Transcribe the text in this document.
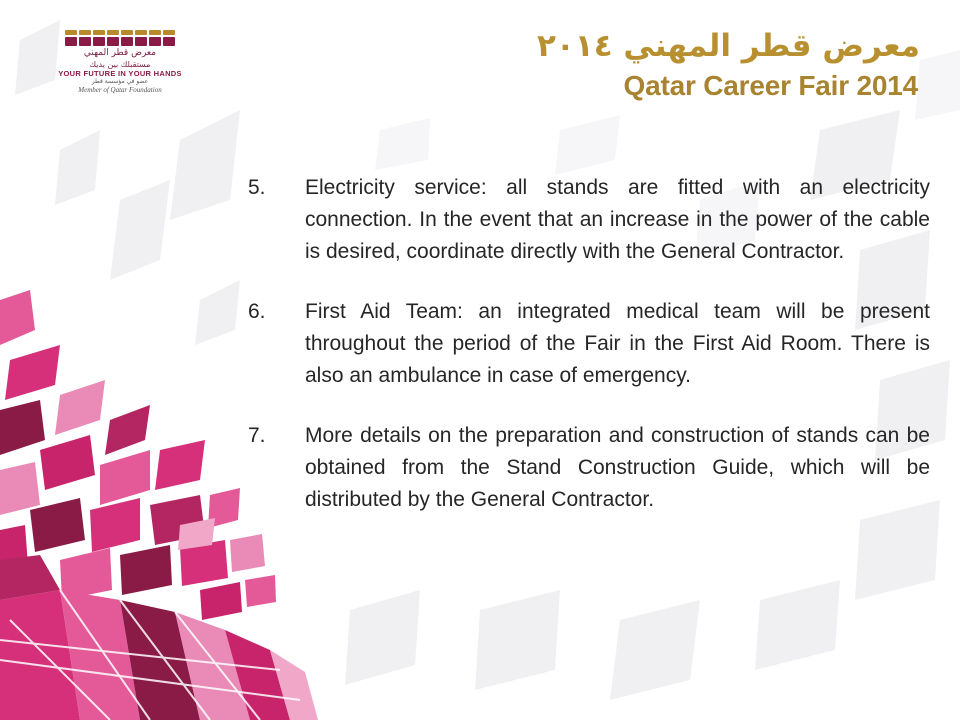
معرض قطر المهني
مستقبلك بين يديك
YOUR FUTURE IN YOUR HANDS
عضو في مؤسسة قطر
Member of Qatar Foundation
معرض قطر المهني ٢٠١٤
Qatar Career Fair 2014
5.	Electricity service: all stands are fitted with an electricity connection. In the event that an increase in the power of the cable is desired, coordinate directly with the General Contractor.
6.	First Aid Team: an integrated medical team will be present throughout the period of the Fair in the First Aid Room. There is also an ambulance in case of emergency.
7.	More details on the preparation and construction of stands can be obtained from the Stand Construction Guide, which will be distributed by the General Contractor.
